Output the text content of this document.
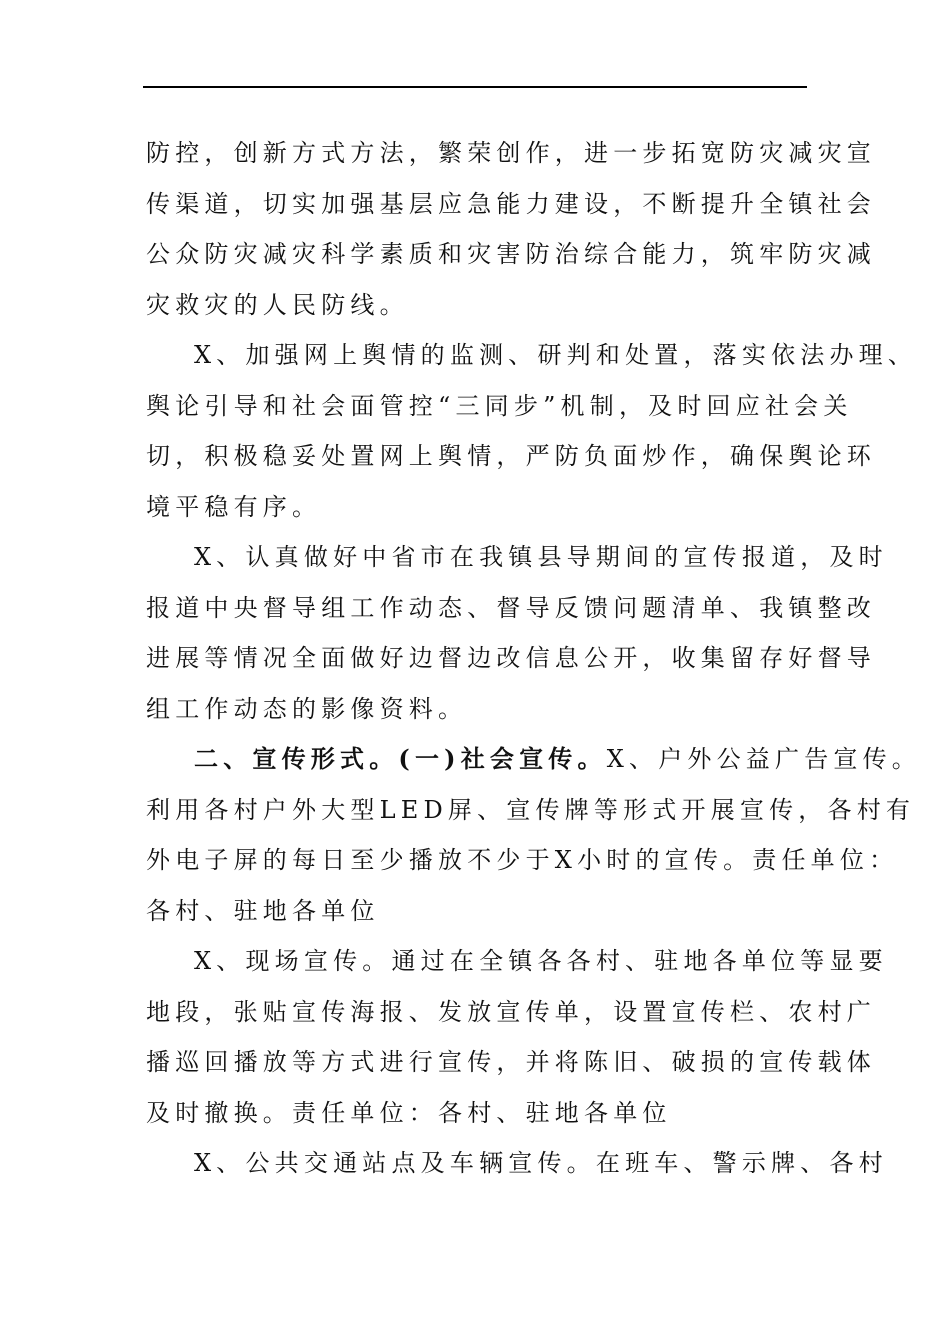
防控，创新方式方法，繁荣创作，进一步拓宽防灾减灾宣
传渠道，切实加强基层应急能力建设，不断提升全镇社会
公众防灾减灾科学素质和灾害防治综合能力，筑牢防灾减
灾救灾的人民防线。
X、加强网上舆情的监测、研判和处置，落实依法办理、
舆论引导和社会面管控“三同步”机制，及时回应社会关
切，积极稳妥处置网上舆情，严防负面炒作，确保舆论环
境平稳有序。
X、认真做好中省市在我镇县导期间的宣传报道，及时
报道中央督导组工作动态、督导反馈问题清单、我镇整改
进展等情况全面做好边督边改信息公开，收集留存好督导
组工作动态的影像资料。
二、宣传形式。(一)社会宣传。X、户外公益广告宣传。
利用各村户外大型LED屏、宣传牌等形式开展宣传，各村有
外电子屏的每日至少播放不少于X小时的宣传。责任单位：
各村、驻地各单位
X、现场宣传。通过在全镇各各村、驻地各单位等显要
地段，张贴宣传海报、发放宣传单，设置宣传栏、农村广
播巡回播放等方式进行宣传，并将陈旧、破损的宣传载体
及时撤换。责任单位：各村、驻地各单位
X、公共交通站点及车辆宣传。在班车、警示牌、各村
